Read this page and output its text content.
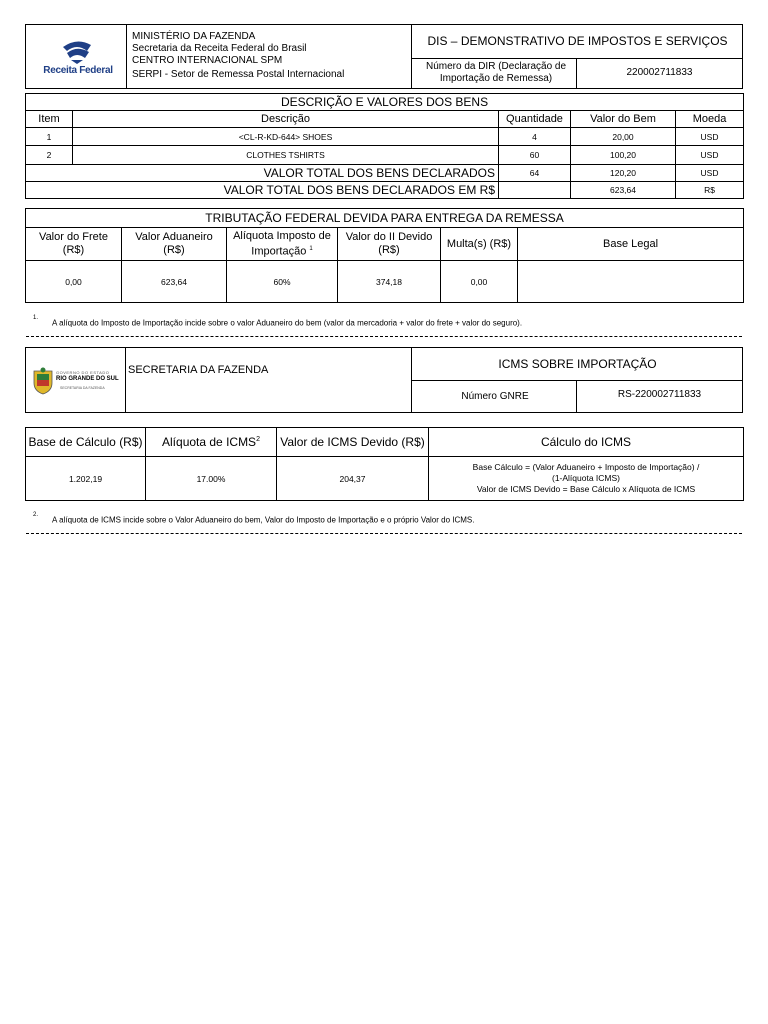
Receita Federal
MINISTÉRIO DA FAZENDA
Secretaria da Receita Federal do Brasil
CENTRO INTERNACIONAL SPM
SERPI - Setor de Remessa Postal Internacional
DIS – DEMONSTRATIVO DE IMPOSTOS E SERVIÇOS
Número da DIR (Declaração de Importação de Remessa)
220002711833
DESCRIÇÃO E VALORES DOS BENS				
Item	Descrição	Quantidade	Valor do Bem	Moeda
1	<CL-R-KD-644> SHOES	4	20,00	USD
2	CLOTHES TSHIRTS	60	100,20	USD
VALOR TOTAL DOS BENS DECLARADOS		64	120,20	USD
VALOR TOTAL DOS BENS DECLARADOS EM R$			623,64	R$
TRIBUTAÇÃO FEDERAL DEVIDA PARA ENTREGA DA REMESSA					
Valor do Frete (R$)	Valor Aduaneiro (R$)	Alíquota Imposto de Importação $^1$	Valor do II Devido (R$)	Multa(s) (R$)	Base Legal
0,00	623,64	60%	374,18	0,00	
$^{1.}$A alíquota do Imposto de Importação incide sobre o valor Aduaneiro do bem (valor da mercadoria + valor do frete + valor do seguro).
GOVERNO DO ESTADO
RIO GRANDE DO SUL
SECRETARIA DA FAZENDA
SECRETARIA DA FAZENDA	ICMS SOBRE IMPORTAÇÃO
Número GNRE	RS-220002711833
Base de Cálculo (R$)	Alíquota de ICMS$^2$	Valor de ICMS Devido (R$)	Cálculo do ICMS
1.202,19	17.00%	204,37	Base Cálculo = (Valor Aduaneiro + Imposto de Importação) /
(1-Alíquota ICMS)
Valor de ICMS Devido = Base Cálculo x Alíquota de ICMS
$^{2.}$A alíquota de ICMS incide sobre o Valor Aduaneiro do bem, Valor do Imposto de Importação e o próprio Valor do ICMS.
